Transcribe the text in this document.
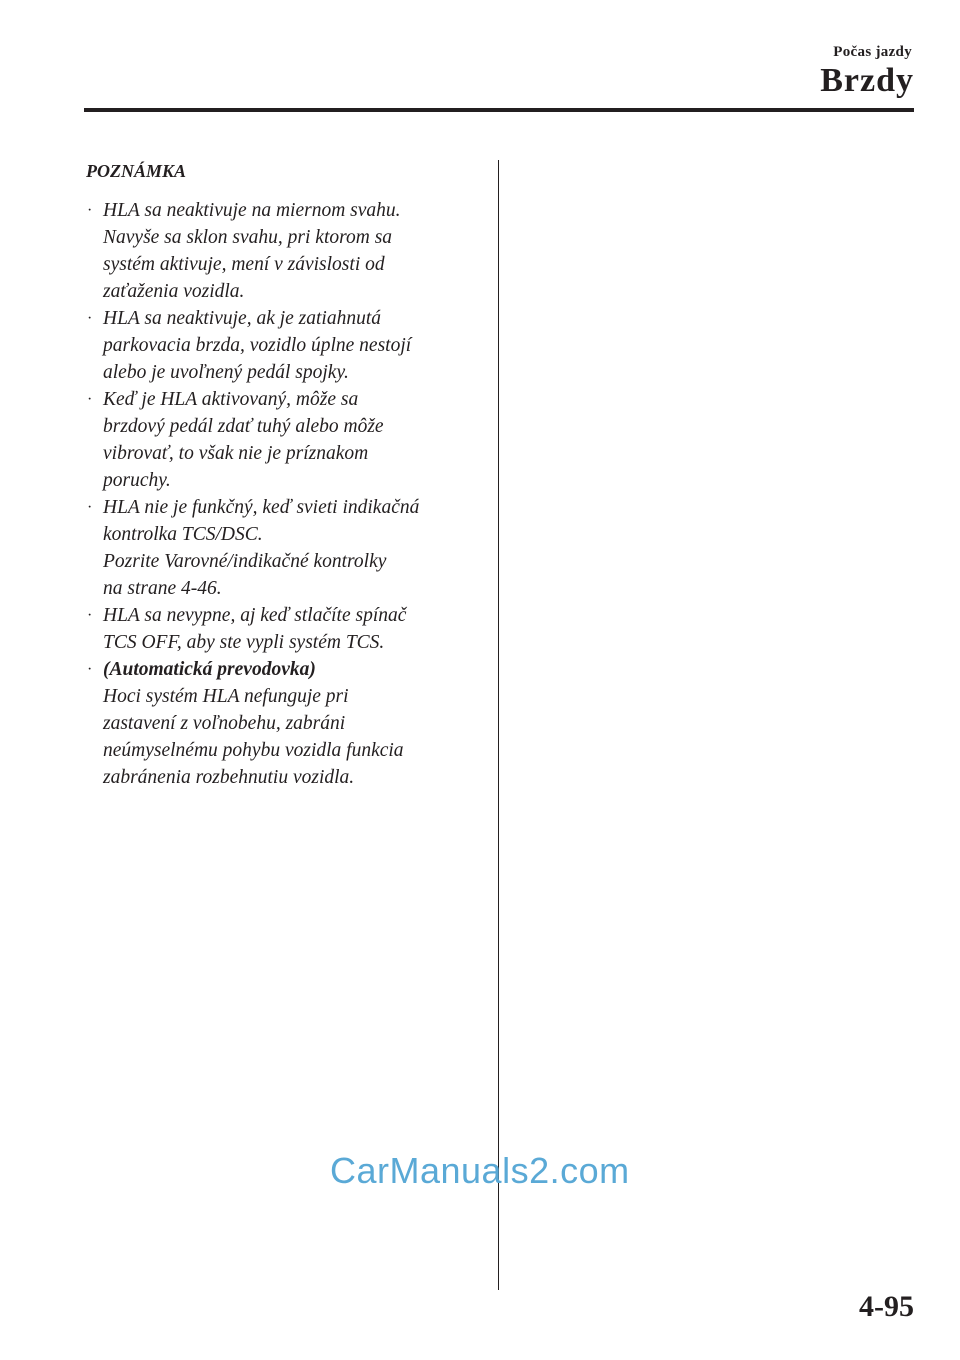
Počas jazdy
Brzdy
POZNÁMKA
· HLA sa neaktivuje na miernom svahu.
Navyše sa sklon svahu, pri ktorom sa
systém aktivuje, mení v závislosti od
zaťaženia vozidla.
· HLA sa neaktivuje, ak je zatiahnutá
parkovacia brzda, vozidlo úplne nestojí
alebo je uvoľnený pedál spojky.
· Keď je HLA aktivovaný, môže sa
brzdový pedál zdať tuhý alebo môže
vibrovať, to však nie je príznakom
poruchy.
· HLA nie je funkčný, keď svieti indikačná
kontrolka TCS/DSC.
Pozrite Varovné/indikačné kontrolky
na strane 4-46.
· HLA sa nevypne, aj keď stlačíte spínač
TCS OFF, aby ste vypli systém TCS.
· (Automatická prevodovka)
Hoci systém HLA nefunguje pri
zastavení z voľnobehu, zabráni
neúmyselnému pohybu vozidla funkcia
zabránenia rozbehnutiu vozidla.
CarManuals2.com
4-95
